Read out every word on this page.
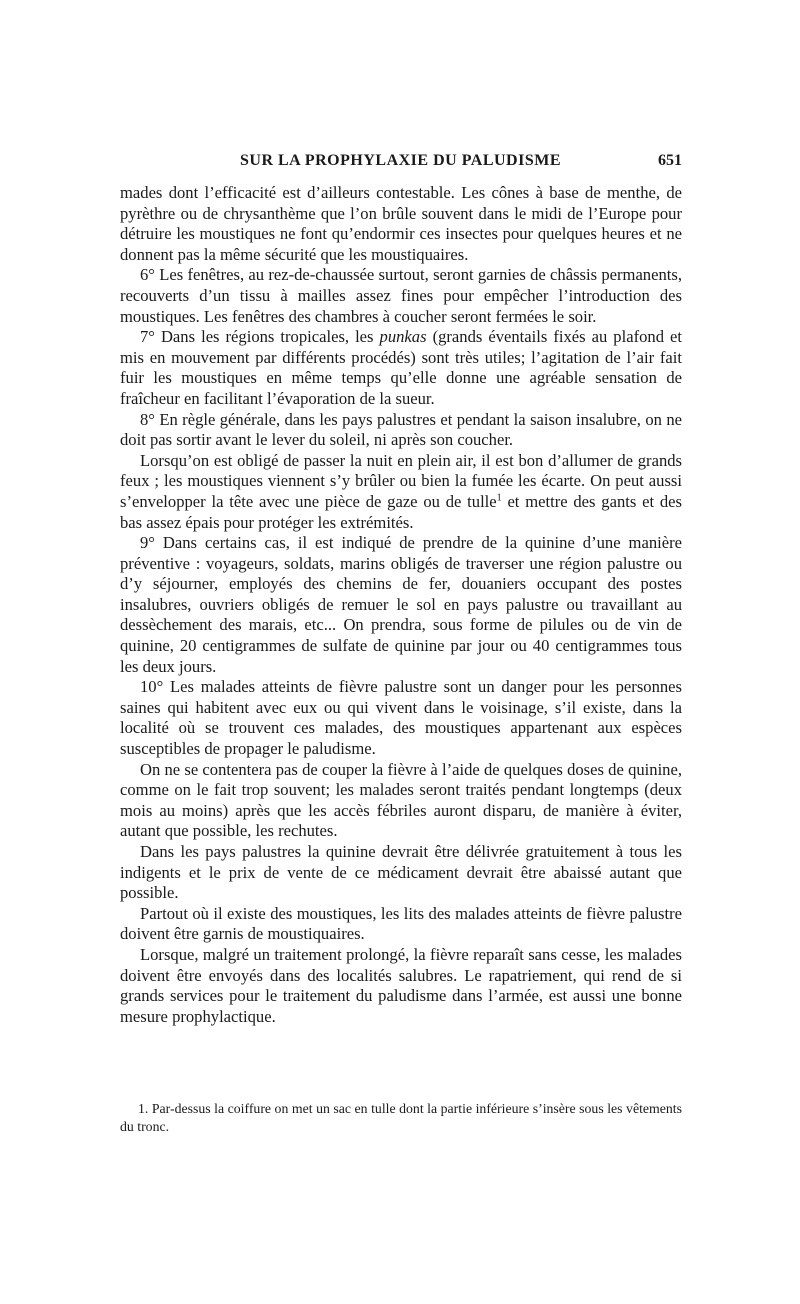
SUR LA PROPHYLAXIE DU PALUDISME	651

mades dont l’efficacité est d’ailleurs contestable. Les cônes à base de menthe, de pyrèthre ou de chrysanthème que l’on brûle souvent dans le midi de l’Europe pour détruire les moustiques ne font qu’endormir ces insectes pour quelques heures et ne donnent pas la même sécurité que les moustiquaires.

6° Les fenêtres, au rez-de-chaussée surtout, seront garnies de châssis permanents, recouverts d’un tissu à mailles assez fines pour empêcher l’introduction des moustiques. Les fenêtres des chambres à coucher seront fermées le soir.

7° Dans les régions tropicales, les punkas (grands éventails fixés au plafond et mis en mouvement par différents procédés) sont très utiles; l’agitation de l’air fait fuir les moustiques en même temps qu’elle donne une agréable sensation de fraîcheur en facilitant l’évaporation de la sueur.

8° En règle générale, dans les pays palustres et pendant la saison insalubre, on ne doit pas sortir avant le lever du soleil, ni après son coucher.

Lorsqu’on est obligé de passer la nuit en plein air, il est bon d’allumer de grands feux ; les moustiques viennent s’y brûler ou bien la fumée les écarte. On peut aussi s’envelopper la tête avec une pièce de gaze ou de tulle$^1$ et mettre des gants et des bas assez épais pour protéger les extrémités.

9° Dans certains cas, il est indiqué de prendre de la quinine d’une manière préventive : voyageurs, soldats, marins obligés de traverser une région palustre ou d’y séjourner, employés des chemins de fer, douaniers occupant des postes insalubres, ouvriers obligés de remuer le sol en pays palustre ou travaillant au dessèchement des marais, etc... On prendra, sous forme de pilules ou de vin de quinine, 20 centigrammes de sulfate de quinine par jour ou 40 centigrammes tous les deux jours.

10° Les malades atteints de fièvre palustre sont un danger pour les personnes saines qui habitent avec eux ou qui vivent dans le voisinage, s’il existe, dans la localité où se trouvent ces malades, des moustiques appartenant aux espèces susceptibles de propager le paludisme.

On ne se contentera pas de couper la fièvre à l’aide de quelques doses de quinine, comme on le fait trop souvent; les malades seront traités pendant longtemps (deux mois au moins) après que les accès fébriles auront disparu, de manière à éviter, autant que possible, les rechutes.

Dans les pays palustres la quinine devrait être délivrée gratuitement à tous les indigents et le prix de vente de ce médicament devrait être abaissé autant que possible.

Partout où il existe des moustiques, les lits des malades atteints de fièvre palustre doivent être garnis de moustiquaires.

Lorsque, malgré un traitement prolongé, la fièvre reparaît sans cesse, les malades doivent être envoyés dans des localités salubres. Le rapatriement, qui rend de si grands services pour le traitement du paludisme dans l’armée, est aussi une bonne mesure prophylactique.

1. Par-dessus la coiffure on met un sac en tulle dont la partie inférieure s’insère sous les vêtements du tronc.
